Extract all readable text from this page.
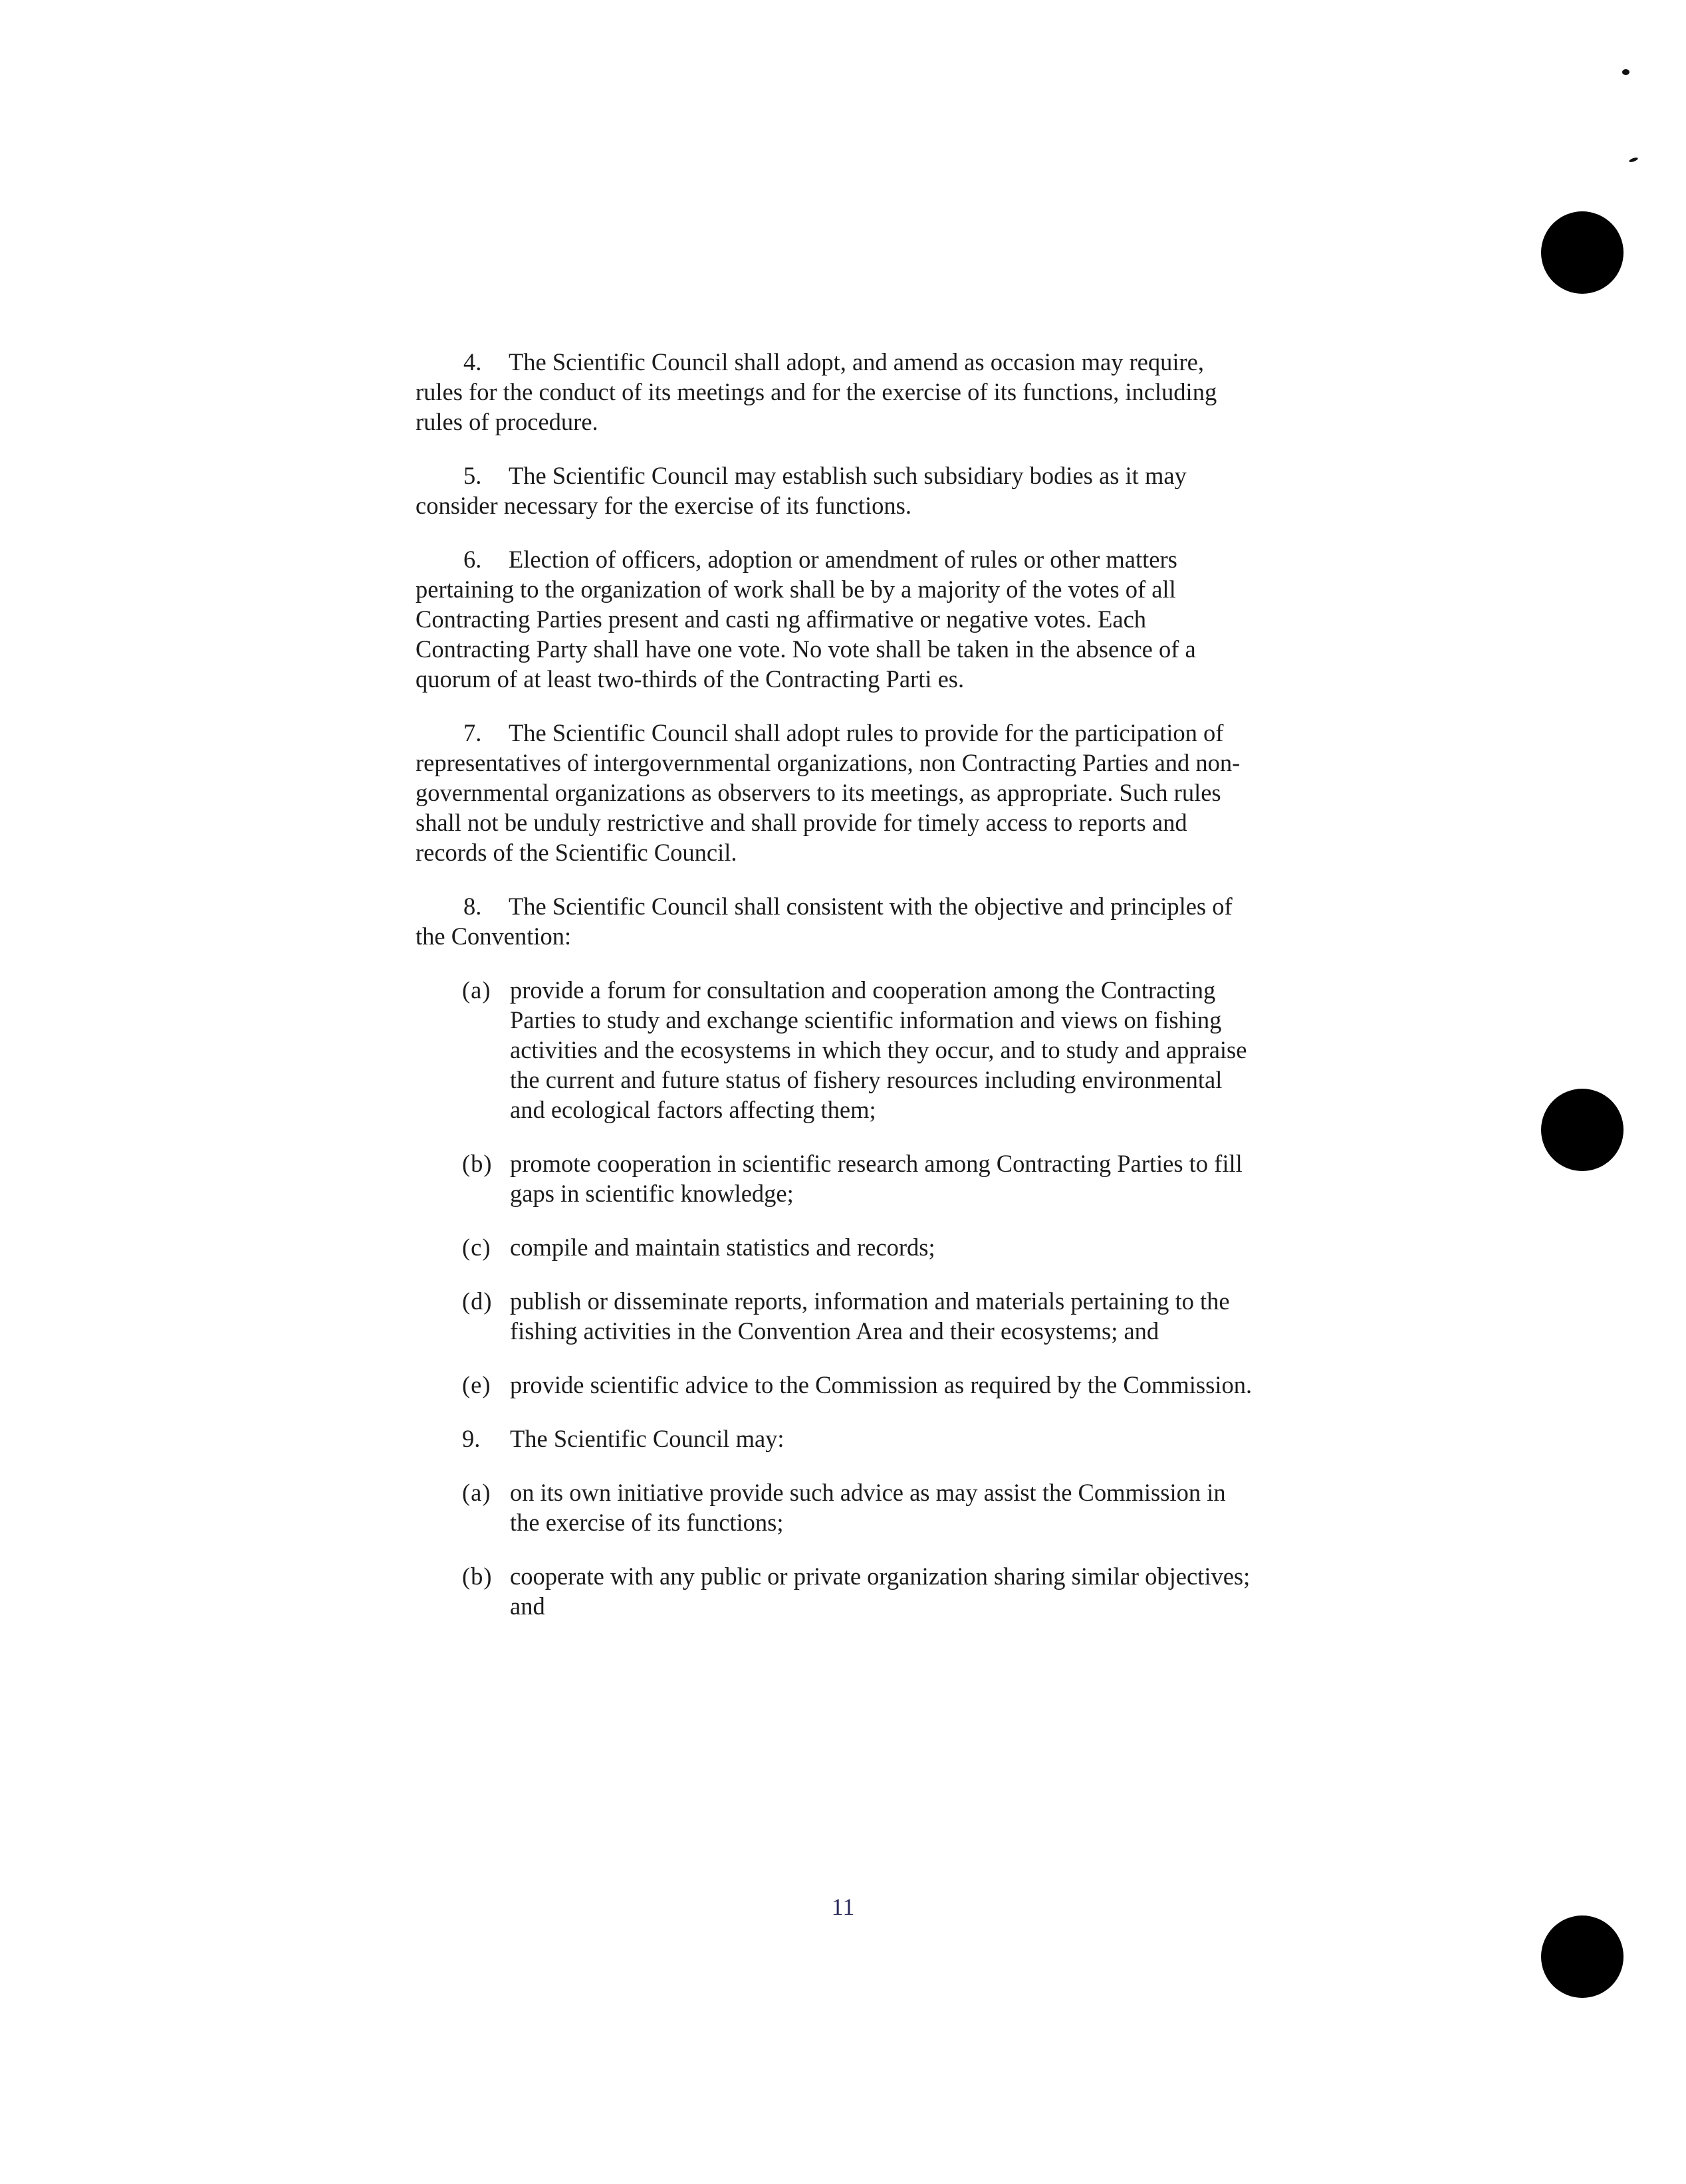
4. The Scientific Council shall adopt, and amend as occasion may require, rules for the conduct of its meetings and for the exercise of its functions, including rules of procedure.

5. The Scientific Council may establish such subsidiary bodies as it may consider necessary for the exercise of its functions.

6. Election of officers, adoption or amendment of rules or other matters pertaining to the organization of work shall be by a majority of the votes of all Contracting Parties present and casti ng affirmative or negative votes. Each Contracting Party shall have one vote. No vote shall be taken in the absence of a quorum of at least two-thirds of the Contracting Parti es.

7. The Scientific Council shall adopt rules to provide for the participation of representatives of intergovernmental organizations, non Contracting Parties and non-governmental organizations as observers to its meetings, as appropriate. Such rules shall not be unduly restrictive and shall provide for timely access to reports and records of the Scientific Council.

8. The Scientific Council shall consistent with the objective and principles of the Convention:

(a) provide a forum for consultation and cooperation among the Contracting Parties to study and exchange scientific information and views on fishing activities and the ecosystems in which they occur, and to study and appraise the current and future status of fishery resources including environmental and ecological factors affecting them;
(b) promote cooperation in scientific research among Contracting Parties to fill gaps in scientific knowledge;
(c) compile and maintain statistics and records;
(d) publish or disseminate reports, information and materials pertaining to the fishing activities in the Convention Area and their ecosystems; and
(e) provide scientific advice to the Commission as required by the Commission.
9.	The Scientific Council may:
(a) on its own initiative provide such advice as may assist the Commission in the exercise of its functions;
(b) cooperate with any public or private organization sharing similar objectives; and
11
